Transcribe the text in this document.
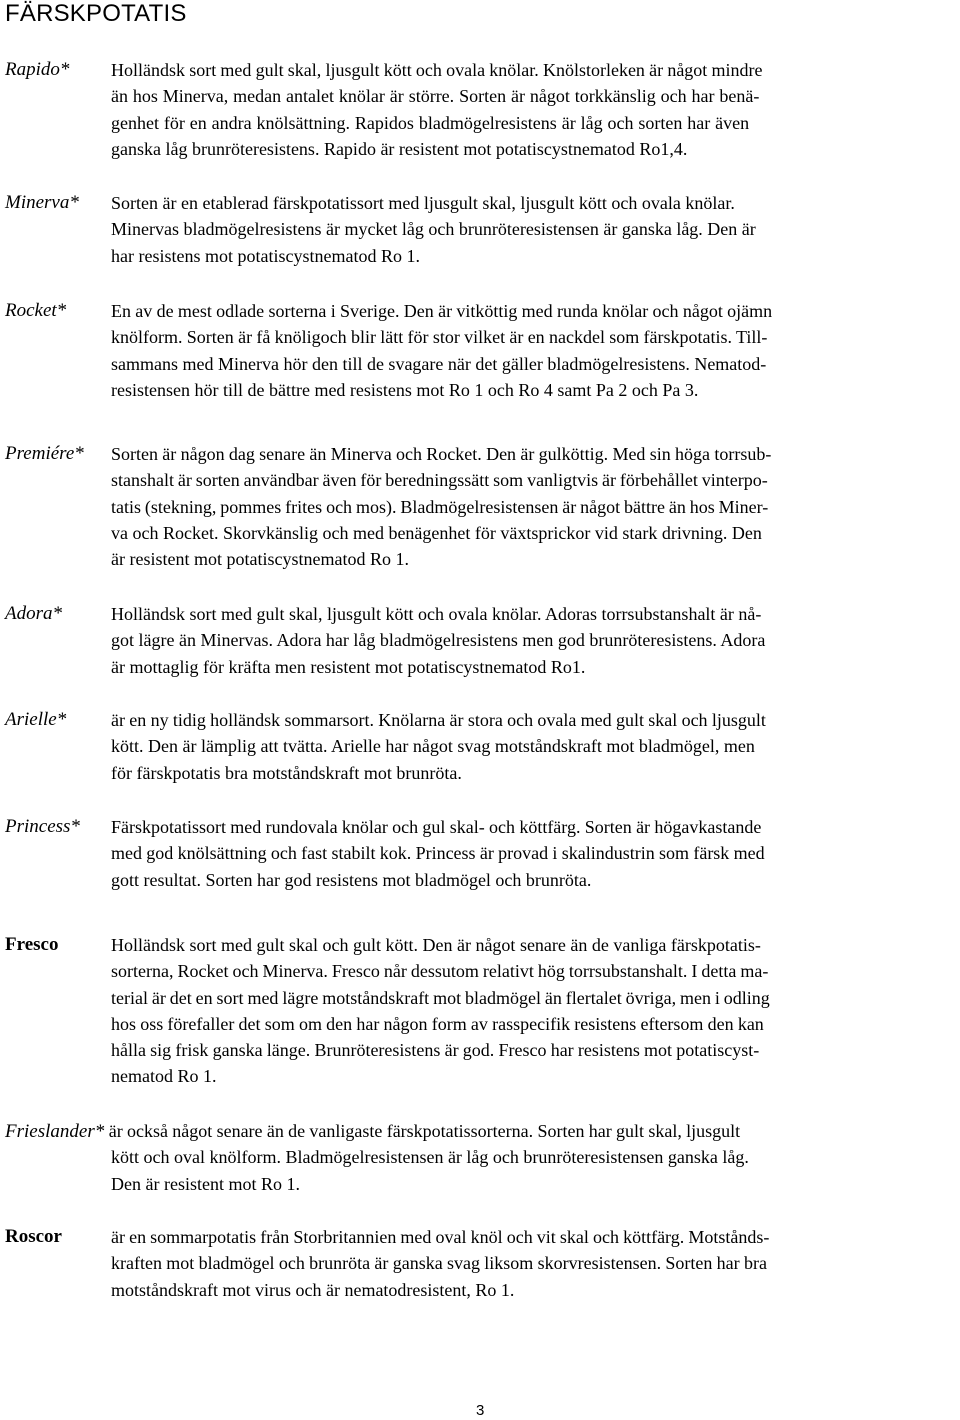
FÄRSKPOTATIS
Rapido* Holländsk sort med gult skal, ljusgult kött och ovala knölar. Knölstorleken är något mindre
än hos Minerva, medan antalet knölar är större. Sorten är något torkkänslig och har benä-
genhet för en andra knölsättning. Rapidos bladmögelresistens är låg och sorten har även
ganska låg brunröteresistens. Rapido är resistent mot potatiscystnematod Ro1,4.
Minerva* Sorten är en etablerad färskpotatissort med ljusgult skal, ljusgult kött och ovala knölar.
Minervas bladmögelresistens är mycket låg och brunröteresistensen är ganska låg. Den är
har resistens mot potatiscystnematod Ro 1.
Rocket* En av de mest odlade sorterna i Sverige. Den är vitköttig med runda knölar och något ojämn
knölform. Sorten är få knöligoch blir lätt för stor vilket är en nackdel som färskpotatis. Till-
sammans med Minerva hör den till de svagare när det gäller bladmögelresistens. Nematod-
resistensen hör till de bättre med resistens mot Ro 1 och Ro 4 samt Pa 2 och Pa 3.
Premiére* Sorten är någon dag senare än Minerva och Rocket. Den är gulköttig. Med sin höga torrsub-
stanshalt är sorten användbar även för beredningssätt som vanligtvis är förbehållet vinterpo-
tatis (stekning, pommes frites och mos). Bladmögelresistensen är något bättre än hos Miner-
va och Rocket. Skorvkänslig och med benägenhet för växtsprickor vid stark drivning. Den
är resistent mot potatiscystnematod Ro 1.
Adora*	Holländsk sort med gult skal, ljusgult kött och ovala knölar. Adoras torrsubstanshalt är nå-
got lägre än Minervas. Adora har låg bladmögelresistens men god brunröteresistens. Adora
är mottaglig för kräfta men resistent mot potatiscystnematod Ro1.
Arielle* är en ny tidig holländsk sommarsort. Knölarna är stora och ovala med gult skal och ljusgult
kött. Den är lämplig att tvätta. Arielle har något svag motståndskraft mot bladmögel, men
för färskpotatis bra motståndskraft mot brunröta.
Princess* Färskpotatissort med rundovala knölar och gul skal- och köttfärg. Sorten är högavkastande
med god knölsättning och fast stabilt kok. Princess är provad i skalindustrin som färsk med
gott resultat. Sorten har god resistens mot bladmögel och brunröta.
Fresco	Holländsk sort med gult skal och gult kött. Den är något senare än de vanliga färskpotatis-
sorterna, Rocket och Minerva. Fresco når dessutom relativt hög torrsubstanshalt. I detta ma-
terial är det en sort med lägre motståndskraft mot bladmögel än flertalet övriga, men i odling
hos oss förefaller det som om den har någon form av rasspecifik resistens eftersom den kan
hålla sig frisk ganska länge. Brunröteresistens är god. Fresco har resistens mot potatiscyst-
nematod Ro 1.
Frieslander* är också något senare än de vanligaste färskpotatissorterna. Sorten har gult skal, ljusgult
kött och oval knölform. Bladmögelresistensen är låg och brunröteresistensen ganska låg.
Den är resistent mot Ro 1.
Roscor	är en sommarpotatis från Storbritannien med oval knöl och vit skal och köttfärg. Motstånds-
kraften mot bladmögel och brunröta är ganska svag liksom skorvresistensen. Sorten har bra
motståndskraft mot virus och är nematodresistent, Ro 1.
3
